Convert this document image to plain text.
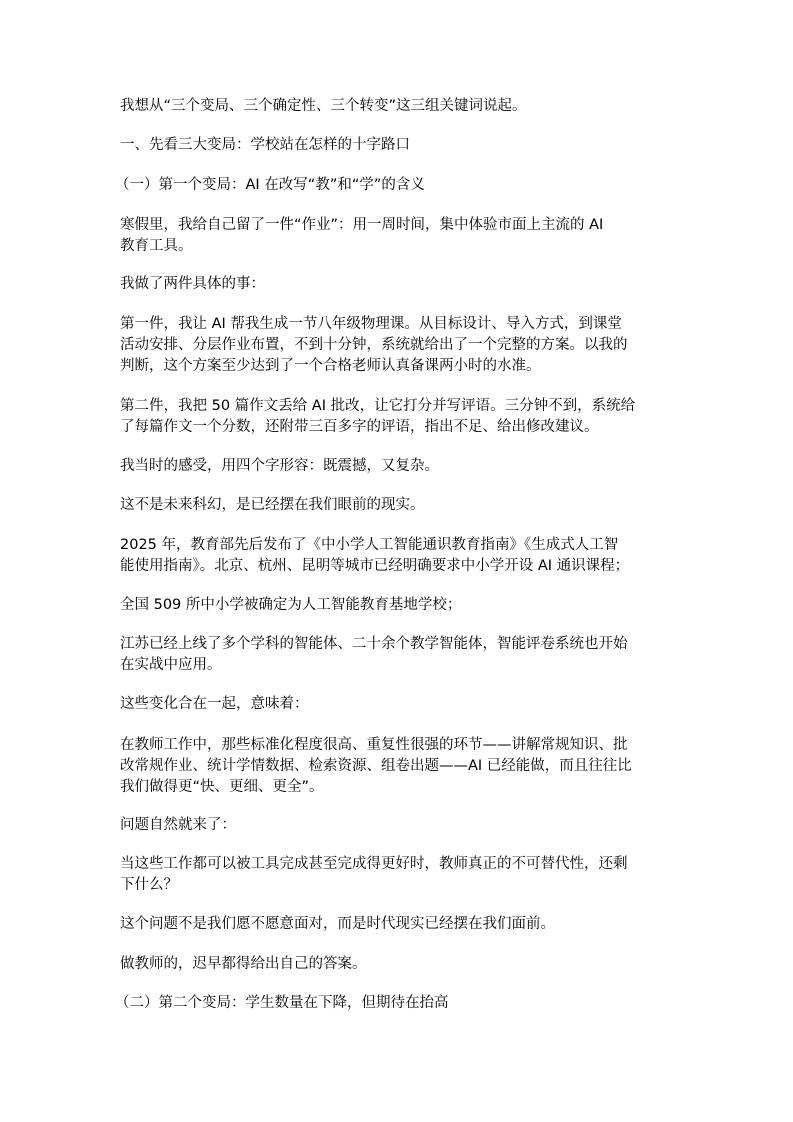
我想从“三个变局、三个确定性、三个转变”这三组关键词说起。

一、先看三大变局：学校站在怎样的十字路口

（一）第一个变局：AI 在改写“教”和“学”的含义

寒假里，我给自己留了一件“作业”：用一周时间，集中体验市面上主流的 AI
教育工具。

我做了两件具体的事：

第一件，我让 AI 帮我生成一节八年级物理课。从目标设计、导入方式，到课堂
活动安排、分层作业布置，不到十分钟，系统就给出了一个完整的方案。以我的
判断，这个方案至少达到了一个合格老师认真备课两小时的水准。

第二件，我把 50 篇作文丢给 AI 批改，让它打分并写评语。三分钟不到，系统给
了每篇作文一个分数，还附带三百多字的评语，指出不足、给出修改建议。

我当时的感受，用四个字形容：既震撼，又复杂。

这不是未来科幻，是已经摆在我们眼前的现实。

2025 年，教育部先后发布了《中小学人工智能通识教育指南》《生成式人工智
能使用指南》。北京、杭州、昆明等城市已经明确要求中小学开设 AI 通识课程；

全国 509 所中小学被确定为人工智能教育基地学校；

江苏已经上线了多个学科的智能体、二十余个教学智能体，智能评卷系统也开始
在实战中应用。

这些变化合在一起，意味着：

在教师工作中，那些标准化程度很高、重复性很强的环节——讲解常规知识、批
改常规作业、统计学情数据、检索资源、组卷出题——AI 已经能做，而且往往比
我们做得更“快、更细、更全”。

问题自然就来了：

当这些工作都可以被工具完成甚至完成得更好时，教师真正的不可替代性，还剩
下什么？

这个问题不是我们愿不愿意面对，而是时代现实已经摆在我们面前。

做教师的，迟早都得给出自己的答案。

（二）第二个变局：学生数量在下降，但期待在抬高
